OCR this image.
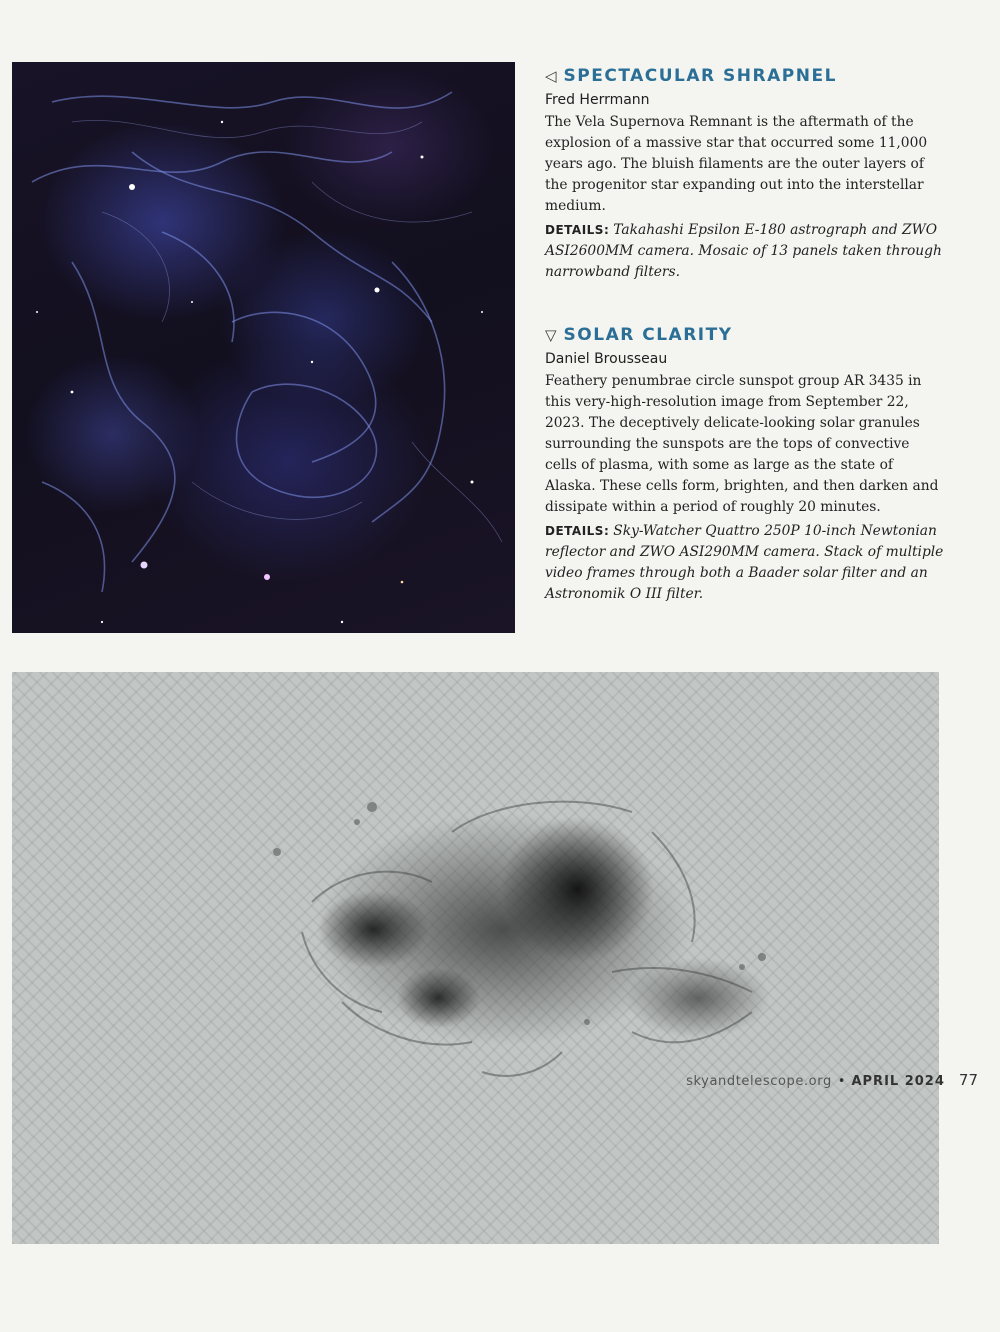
◁ SPECTACULAR SHRAPNEL
Fred Herrmann
The Vela Supernova Remnant is the aftermath of the explosion of a massive star that occurred some 11,000 years ago. The bluish filaments are the outer layers of the progenitor star expanding out into the interstellar medium.
DETAILS: Takahashi Epsilon E-180 astrograph and ZWO ASI2600MM camera. Mosaic of 13 panels taken through narrowband filters.
▽ SOLAR CLARITY
Daniel Brousseau
Feathery penumbrae circle sunspot group AR 3435 in this very-high-resolution image from September 22, 2023. The deceptively delicate-looking solar granules surrounding the sunspots are the tops of convective cells of plasma, with some as large as the state of Alaska. These cells form, brighten, and then darken and dissipate within a period of roughly 20 minutes.
DETAILS: Sky-Watcher Quattro 250P 10-inch Newtonian reflector and ZWO ASI290MM camera. Stack of multiple video frames through both a Baader solar filter and an Astronomik O III filter.
skyandtelescope.org • APRIL 2024 77
